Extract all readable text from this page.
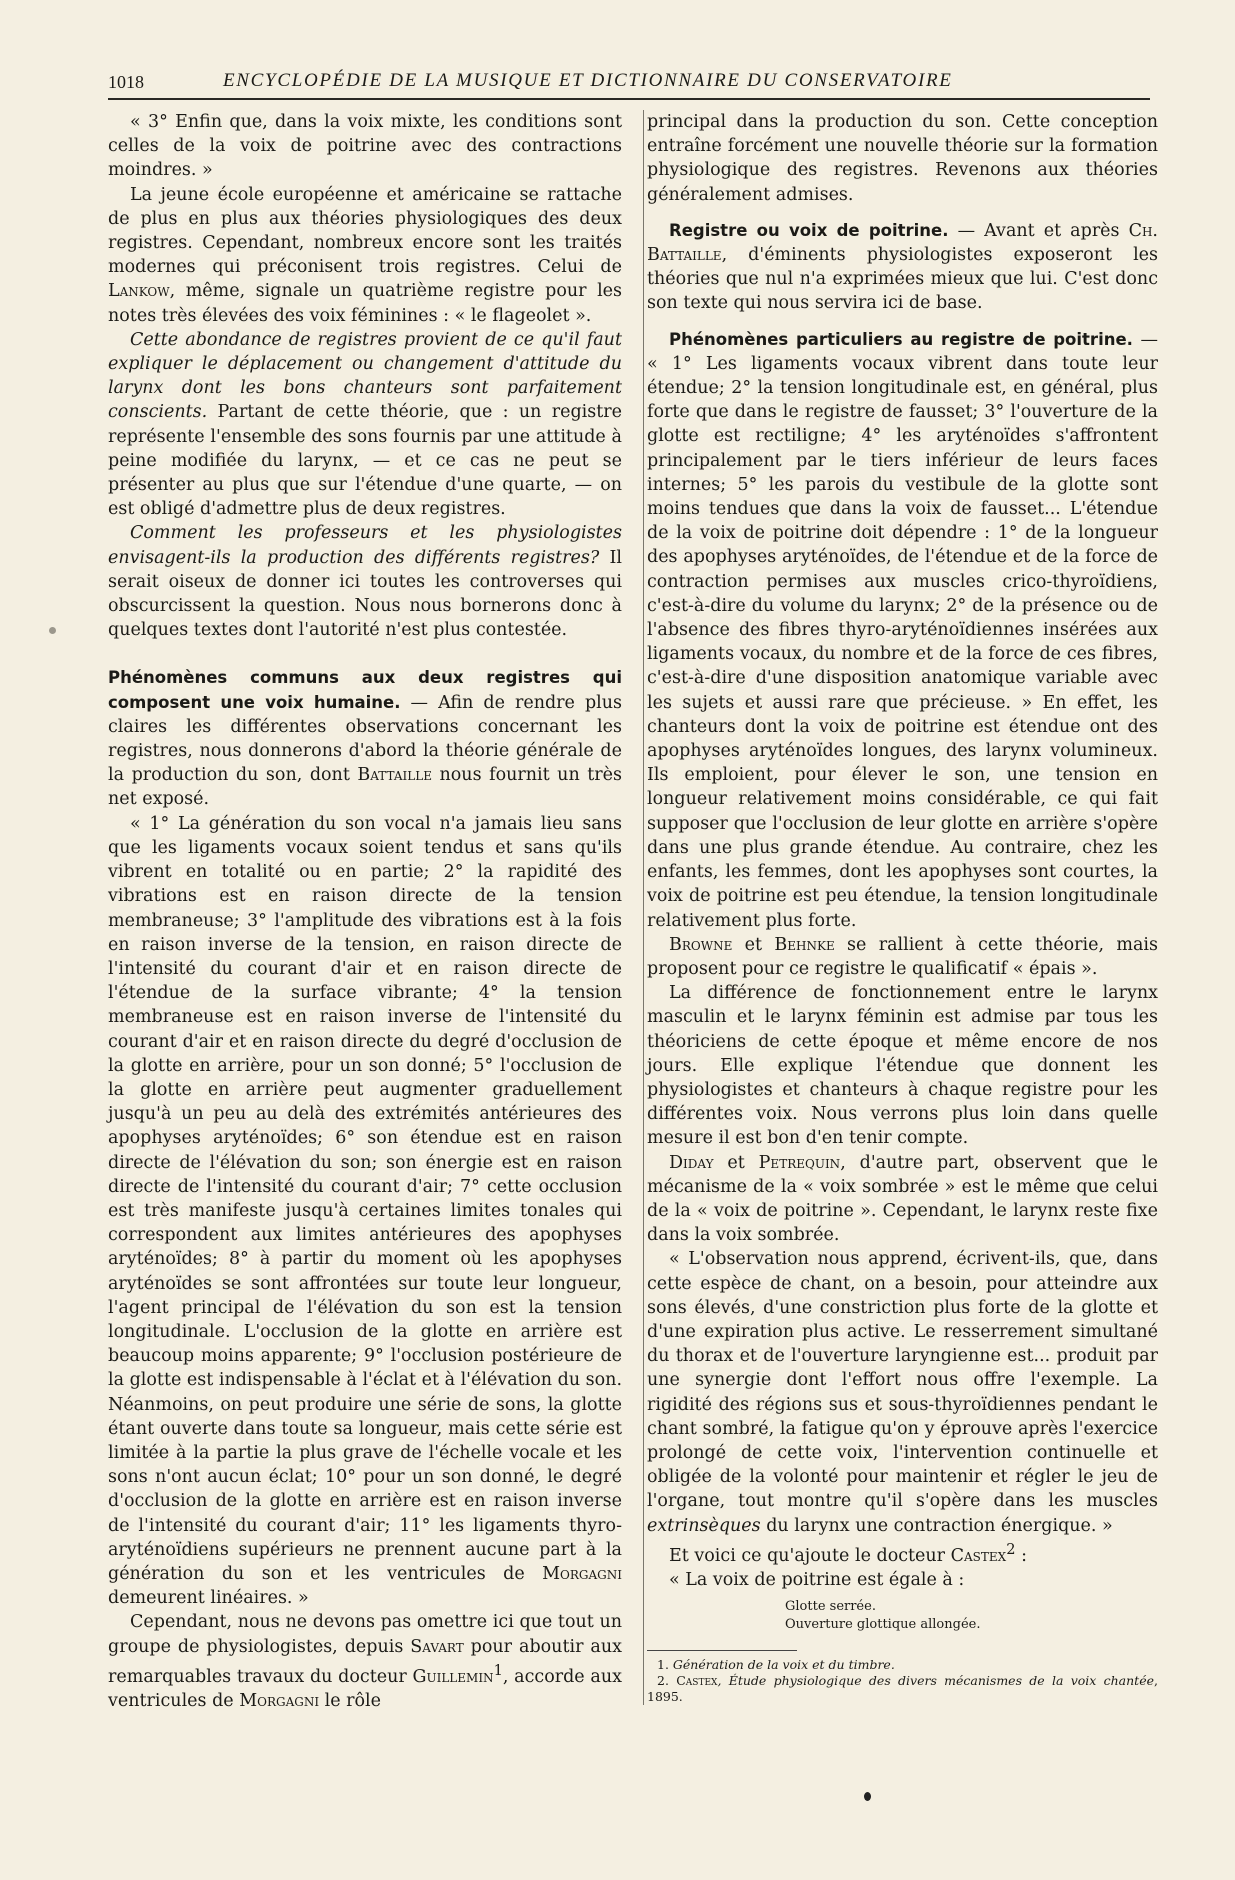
1018	ENCYCLOPÉDIE DE LA MUSIQUE ET DICTIONNAIRE DU CONSERVATOIRE

« 3° Enfin que, dans la voix mixte, les conditions sont celles de la voix de poitrine avec des contractions moindres. »

La jeune école européenne et américaine se rattache de plus en plus aux théories physiologiques des deux registres. Cependant, nombreux encore sont les traités modernes qui préconisent trois registres. Celui de Lankow, même, signale un quatrième registre pour les notes très élevées des voix féminines : « le flageolet ».

Cette abondance de registres provient de ce qu'il faut expliquer le déplacement ou changement d'attitude du larynx dont les bons chanteurs sont parfaitement conscients. Partant de cette théorie, que : un registre représente l'ensemble des sons fournis par une attitude à peine modifiée du larynx, — et ce cas ne peut se présenter au plus que sur l'étendue d'une quarte, — on est obligé d'admettre plus de deux registres.

Comment les professeurs et les physiologistes envisagent-ils la production des différents registres? Il serait oiseux de donner ici toutes les controverses qui obscurcissent la question. Nous nous bornerons donc à quelques textes dont l'autorité n'est plus contestée.

Phénomènes communs aux deux registres qui composent une voix humaine. — Afin de rendre plus claires les différentes observations concernant les registres, nous donnerons d'abord la théorie générale de la production du son, dont Battaille nous fournit un très net exposé.

« 1° La génération du son vocal n'a jamais lieu sans que les ligaments vocaux soient tendus et sans qu'ils vibrent en totalité ou en partie; 2° la rapidité des vibrations est en raison directe de la tension membraneuse; 3° l'amplitude des vibrations est à la fois en raison inverse de la tension, en raison directe de l'intensité du courant d'air et en raison directe de l'étendue de la surface vibrante; 4° la tension membraneuse est en raison inverse de l'intensité du courant d'air et en raison directe du degré d'occlusion de la glotte en arrière, pour un son donné; 5° l'occlusion de la glotte en arrière peut augmenter graduellement jusqu'à un peu au delà des extrémités antérieures des apophyses aryténoïdes; 6° son étendue est en raison directe de l'élévation du son; son énergie est en raison directe de l'intensité du courant d'air; 7° cette occlusion est très manifeste jusqu'à certaines limites tonales qui correspondent aux limites antérieures des apophyses aryténoïdes; 8° à partir du moment où les apophyses aryténoïdes se sont affrontées sur toute leur longueur, l'agent principal de l'élévation du son est la tension longitudinale. L'occlusion de la glotte en arrière est beaucoup moins apparente; 9° l'occlusion postérieure de la glotte est indispensable à l'éclat et à l'élévation du son. Néanmoins, on peut produire une série de sons, la glotte étant ouverte dans toute sa longueur, mais cette série est limitée à la partie la plus grave de l'échelle vocale et les sons n'ont aucun éclat; 10° pour un son donné, le degré d'occlusion de la glotte en arrière est en raison inverse de l'intensité du courant d'air; 11° les ligaments thyro-aryténoïdiens supérieurs ne prennent aucune part à la génération du son et les ventricules de Morgagni demeurent linéaires. »

Cependant, nous ne devons pas omettre ici que tout un groupe de physiologistes, depuis Savart pour aboutir aux remarquables travaux du docteur Guillemin$^1$, accorde aux ventricules de Morgagni le rôle

principal dans la production du son. Cette conception entraîne forcément une nouvelle théorie sur la formation physiologique des registres. Revenons aux théories généralement admises.

Registre ou voix de poitrine. — Avant et après Ch. Battaille, d'éminents physiologistes exposeront les théories que nul n'a exprimées mieux que lui. C'est donc son texte qui nous servira ici de base.

Phénomènes particuliers au registre de poitrine. — « 1° Les ligaments vocaux vibrent dans toute leur étendue; 2° la tension longitudinale est, en général, plus forte que dans le registre de fausset; 3° l'ouverture de la glotte est rectiligne; 4° les aryténoïdes s'affrontent principalement par le tiers inférieur de leurs faces internes; 5° les parois du vestibule de la glotte sont moins tendues que dans la voix de fausset... L'étendue de la voix de poitrine doit dépendre : 1° de la longueur des apophyses aryténoïdes, de l'étendue et de la force de contraction permises aux muscles crico-thyroïdiens, c'est-à-dire du volume du larynx; 2° de la présence ou de l'absence des fibres thyro-aryténoïdiennes insérées aux ligaments vocaux, du nombre et de la force de ces fibres, c'est-à-dire d'une disposition anatomique variable avec les sujets et aussi rare que précieuse. » En effet, les chanteurs dont la voix de poitrine est étendue ont des apophyses aryténoïdes longues, des larynx volumineux. Ils emploient, pour élever le son, une tension en longueur relativement moins considérable, ce qui fait supposer que l'occlusion de leur glotte en arrière s'opère dans une plus grande étendue. Au contraire, chez les enfants, les femmes, dont les apophyses sont courtes, la voix de poitrine est peu étendue, la tension longitudinale relativement plus forte.

Browne et Behnke se rallient à cette théorie, mais proposent pour ce registre le qualificatif « épais ».

La différence de fonctionnement entre le larynx masculin et le larynx féminin est admise par tous les théoriciens de cette époque et même encore de nos jours. Elle explique l'étendue que donnent les physiologistes et chanteurs à chaque registre pour les différentes voix. Nous verrons plus loin dans quelle mesure il est bon d'en tenir compte.

Diday et Petrequin, d'autre part, observent que le mécanisme de la « voix sombrée » est le même que celui de la « voix de poitrine ». Cependant, le larynx reste fixe dans la voix sombrée.

« L'observation nous apprend, écrivent-ils, que, dans cette espèce de chant, on a besoin, pour atteindre aux sons élevés, d'une constriction plus forte de la glotte et d'une expiration plus active. Le resserrement simultané du thorax et de l'ouverture laryngienne est... produit par une synergie dont l'effort nous offre l'exemple. La rigidité des régions sus et sous-thyroïdiennes pendant le chant sombré, la fatigue qu'on y éprouve après l'exercice prolongé de cette voix, l'intervention continuelle et obligée de la volonté pour maintenir et régler le jeu de l'organe, tout montre qu'il s'opère dans les muscles extrinsèques du larynx une contraction énergique. »

Et voici ce qu'ajoute le docteur Castex$^2$ :

« La voix de poitrine est égale à :

Glotte serrée.
Ouverture glottique allongée.

1. Génération de la voix et du timbre.

2. Castex, Étude physiologique des divers mécanismes de la voix chantée, 1895.
